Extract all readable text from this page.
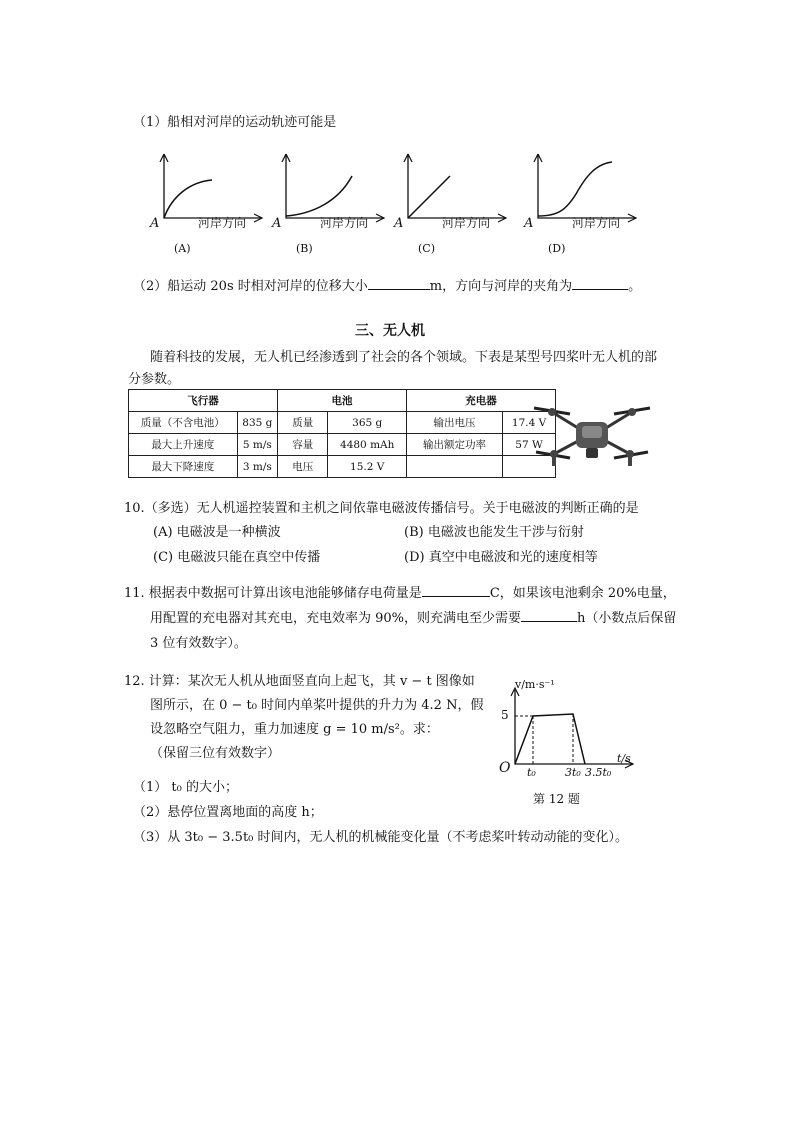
（1）船相对河岸的运动轨迹可能是
A	河岸方向
(A)
A	河岸方向
(B)
A	河岸方向
(C)
A	河岸方向
(D)
（2）船运动 20s 时相对河岸的位移大小	m，方向与河岸的夹角为	。
三、无人机
随着科技的发展，无人机已经渗透到了社会的各个领域。下表是某型号四桨叶无人机的部
分参数。
飞行器		电池		充电器	
质量（不含电池）	835 g	质量	365 g	输出电压	17.4 V
最大上升速度	5 m/s	容量	4480 mAh	输出额定功率	57 W
最大下降速度	3 m/s	电压	15.2 V		
10.（多选）无人机遥控装置和主机之间依靠电磁波传播信号。关于电磁波的判断正确的是
(A) 电磁波是一种横波	(B) 电磁波也能发生干涉与衍射
(C) 电磁波只能在真空中传播	(D) 真空中电磁波和光的速度相等
11. 根据表中数据可计算出该电池能够储存电荷量是	C，如果该电池剩余 20%电量，
用配置的充电器对其充电，充电效率为 90%，则充满电至少需要	h（小数点后保留
3 位有效数字）。
12. 计算：某次无人机从地面竖直向上起飞，其 v − t 图像如
图所示，在 0 − t₀ 时间内单桨叶提供的升力为 4.2 N，假
设忽略空气阻力，重力加速度 g = 10 m/s²。求：
（保留三位有效数字）
（1） t₀ 的大小；
（2）悬停位置离地面的高度 h；
（3）从 3t₀ − 3.5t₀ 时间内，无人机的机械能变化量（不考虑桨叶转动动能的变化）。
v/m·s⁻¹
5
t/s
O t₀	3t₀ 3.5t₀
第 12 题
